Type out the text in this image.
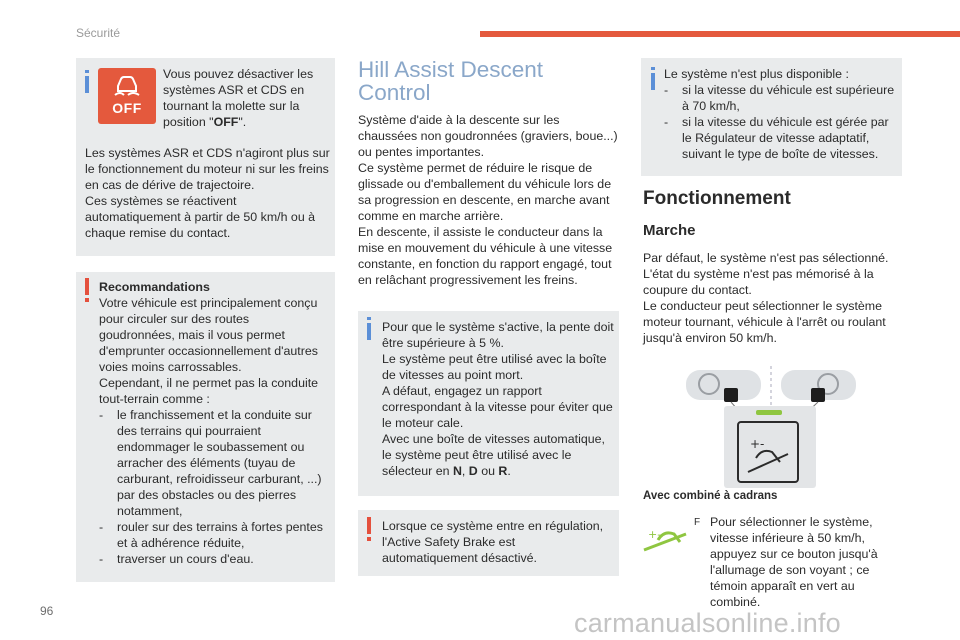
Sécurité
OFF
Vous pouvez désactiver les systèmes ASR et CDS en tournant la molette sur la position "OFF".
Les systèmes ASR et CDS n'agiront plus sur le fonctionnement du moteur ni sur les freins en cas de dérive de trajectoire.
Ces systèmes se réactivent automatiquement à partir de 50 km/h ou à chaque remise du contact.
Recommandations
Votre véhicule est principalement conçu pour circuler sur des routes goudronnées, mais il vous permet d'emprunter occasionnellement d'autres voies moins carrossables.
Cependant, il ne permet pas la conduite tout-terrain comme :
- le franchissement et la conduite sur des terrains qui pourraient endommager le soubassement ou arracher des éléments (tuyau de carburant, refroidisseur carburant, ...) par des obstacles ou des pierres notamment,
- rouler sur des terrains à fortes pentes et à adhérence réduite,
- traverser un cours d'eau.
Hill Assist Descent
Control
Système d'aide à la descente sur les chaussées non goudronnées (graviers, boue...) ou pentes importantes.
Ce système permet de réduire le risque de glissade ou d'emballement du véhicule lors de sa progression en descente, en marche avant comme en marche arrière.
En descente, il assiste le conducteur dans la mise en mouvement du véhicule à une vitesse constante, en fonction du rapport engagé, tout en relâchant progressivement les freins.
Pour que le système s'active, la pente doit être supérieure à 5 %.
Le système peut être utilisé avec la boîte de vitesses au point mort.
A défaut, engagez un rapport correspondant à la vitesse pour éviter que le moteur cale.
Avec une boîte de vitesses automatique, le système peut être utilisé avec le sélecteur en N, D ou R.
Lorsque ce système entre en régulation, l'Active Safety Brake est automatiquement désactivé.
Le système n'est plus disponible :
- si la vitesse du véhicule est supérieure à 70 km/h,
- si la vitesse du véhicule est gérée par le Régulateur de vitesse adaptatif, suivant le type de boîte de vitesses.
Fonctionnement
Marche
Par défaut, le système n'est pas sélectionné. L'état du système n'est pas mémorisé à la coupure du contact.
Le conducteur peut sélectionner le système moteur tournant, véhicule à l'arrêt ou roulant jusqu'à environ 50 km/h.
+-
Avec combiné à cadrans
+-
F Pour sélectionner le système, vitesse inférieure à 50 km/h, appuyez sur ce bouton jusqu'à l'allumage de son voyant ; ce témoin apparaît en vert au combiné.
96	carmanualsonline.info
